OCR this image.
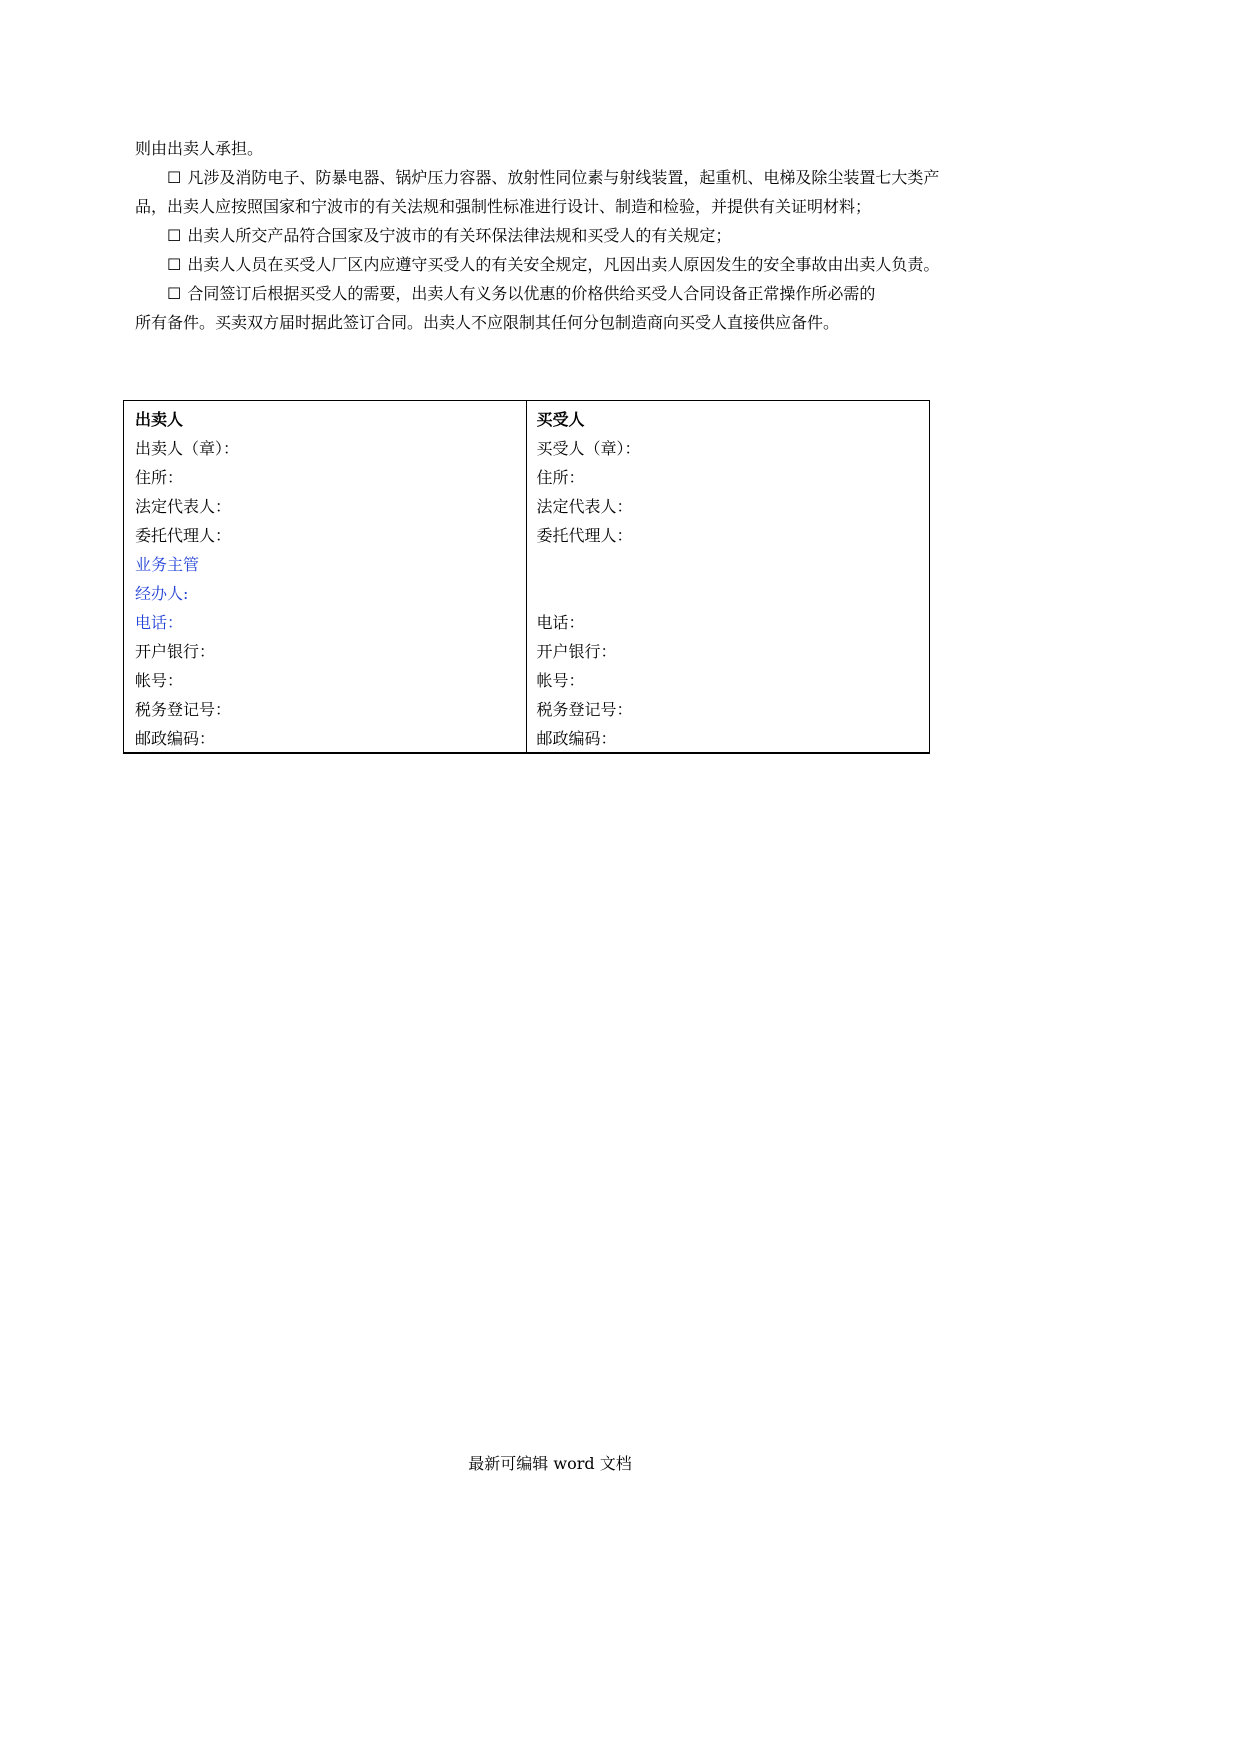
则由出卖人承担。

☐ 凡涉及消防电子、防暴电器、锅炉压力容器、放射性同位素与射线装置，起重机、电梯及除尘装置七大类产

品，出卖人应按照国家和宁波市的有关法规和强制性标准进行设计、制造和检验，并提供有关证明材料；

☐ 出卖人所交产品符合国家及宁波市的有关环保法律法规和买受人的有关规定；

☐ 出卖人人员在买受人厂区内应遵守买受人的有关安全规定，凡因出卖人原因发生的安全事故由出卖人负责。

☐ 合同签订后根据买受人的需要，出卖人有义务以优惠的价格供给买受人合同设备正常操作所必需的

所有备件。买卖双方届时据此签订合同。出卖人不应限制其任何分包制造商向买受人直接供应备件。

出卖人
出卖人（章）：
住所：
法定代表人：
委托代理人：
业务主管
经办人:
电话：
开户银行：
帐号：
税务登记号：
邮政编码：
买受人
买受人（章）：
住所：
法定代表人：
委托代理人：
电话：
开户银行：
帐号：
税务登记号：
邮政编码：
最新可编辑 word 文档
